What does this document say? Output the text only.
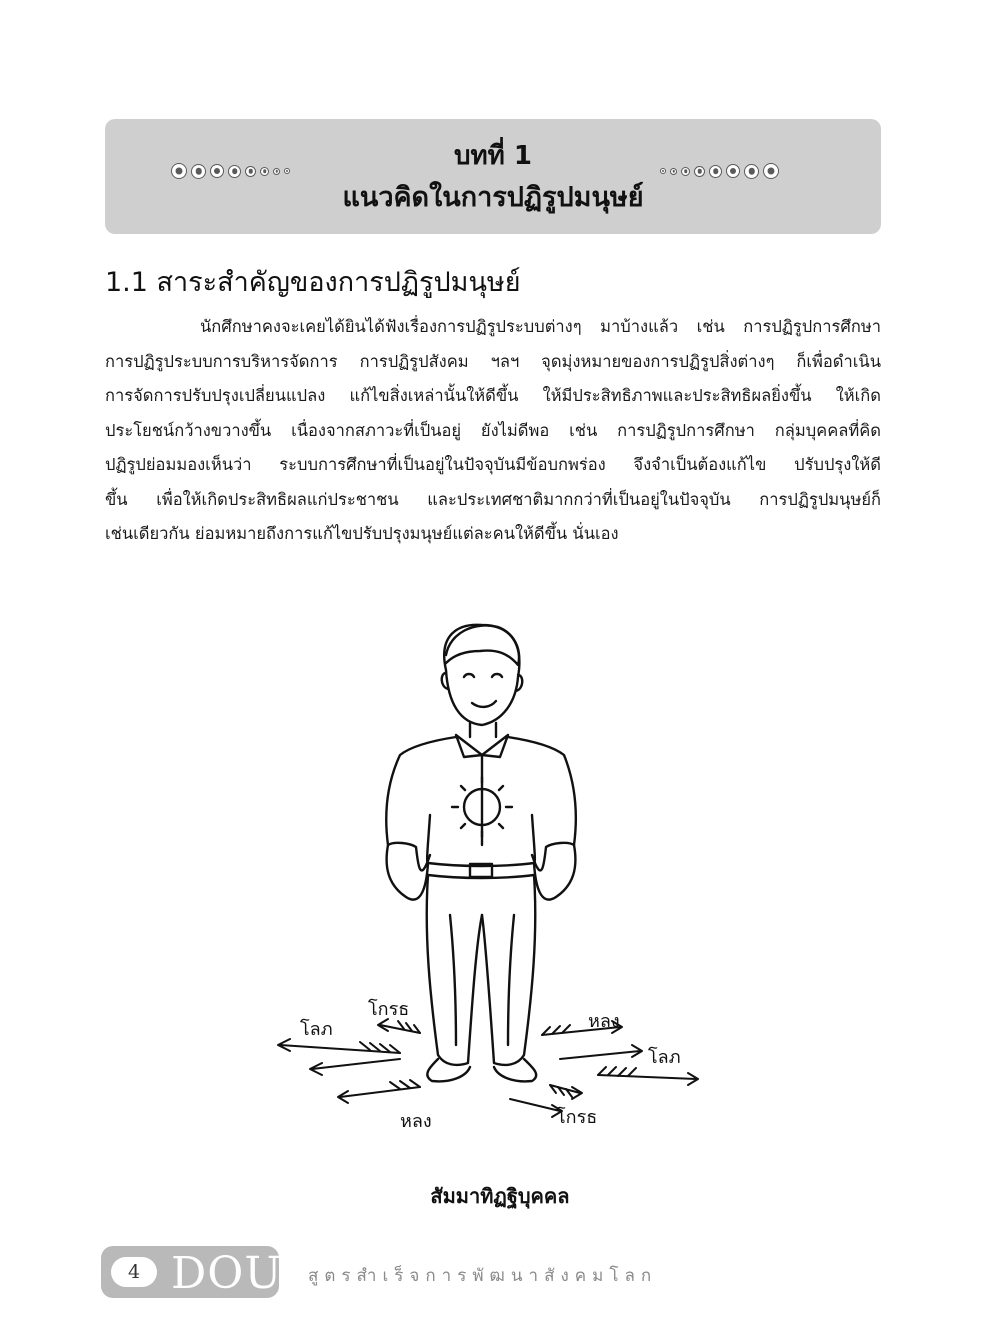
บทที่ 1
แนวคิดในการปฏิรูปมนุษย์
1.1 สาระสำคัญของการปฏิรูปมนุษย์

นักศึกษาคงจะเคยได้ยินได้ฟังเรื่องการปฏิรูประบบต่างๆ มาบ้างแล้ว เช่น การปฏิรูปการศึกษา
การปฏิรูประบบการบริหารจัดการ การปฏิรูปสังคม ฯลฯ จุดมุ่งหมายของการปฏิรูปสิ่งต่างๆ ก็เพื่อดำเนิน
การจัดการปรับปรุงเปลี่ยนแปลง แก้ไขสิ่งเหล่านั้นให้ดีขึ้น ให้มีประสิทธิภาพและประสิทธิผลยิ่งขึ้น ให้เกิด
ประโยชน์กว้างขวางขึ้น เนื่องจากสภาวะที่เป็นอยู่ ยังไม่ดีพอ เช่น การปฏิรูปการศึกษา กลุ่มบุคคลที่คิด
ปฏิรูปย่อมมองเห็นว่า ระบบการศึกษาที่เป็นอยู่ในปัจจุบันมีข้อบกพร่อง จึงจำเป็นต้องแก้ไข ปรับปรุงให้ดี
ขึ้น เพื่อให้เกิดประสิทธิผลแก่ประชาชน และประเทศชาติมากกว่าที่เป็นอยู่ในปัจจุบัน การปฏิรูปมนุษย์ก็
เช่นเดียวกัน ย่อมหมายถึงการแก้ไขปรับปรุงมนุษย์แต่ละคนให้ดีขึ้น นั่นเอง

โลภ
โกรธ
หลง
โลภ
หลง
โกรธ
สัมมาทิฏฐิบุคคล
4 DOU สูตรสำเร็จการพัฒนาสังคมโลก
